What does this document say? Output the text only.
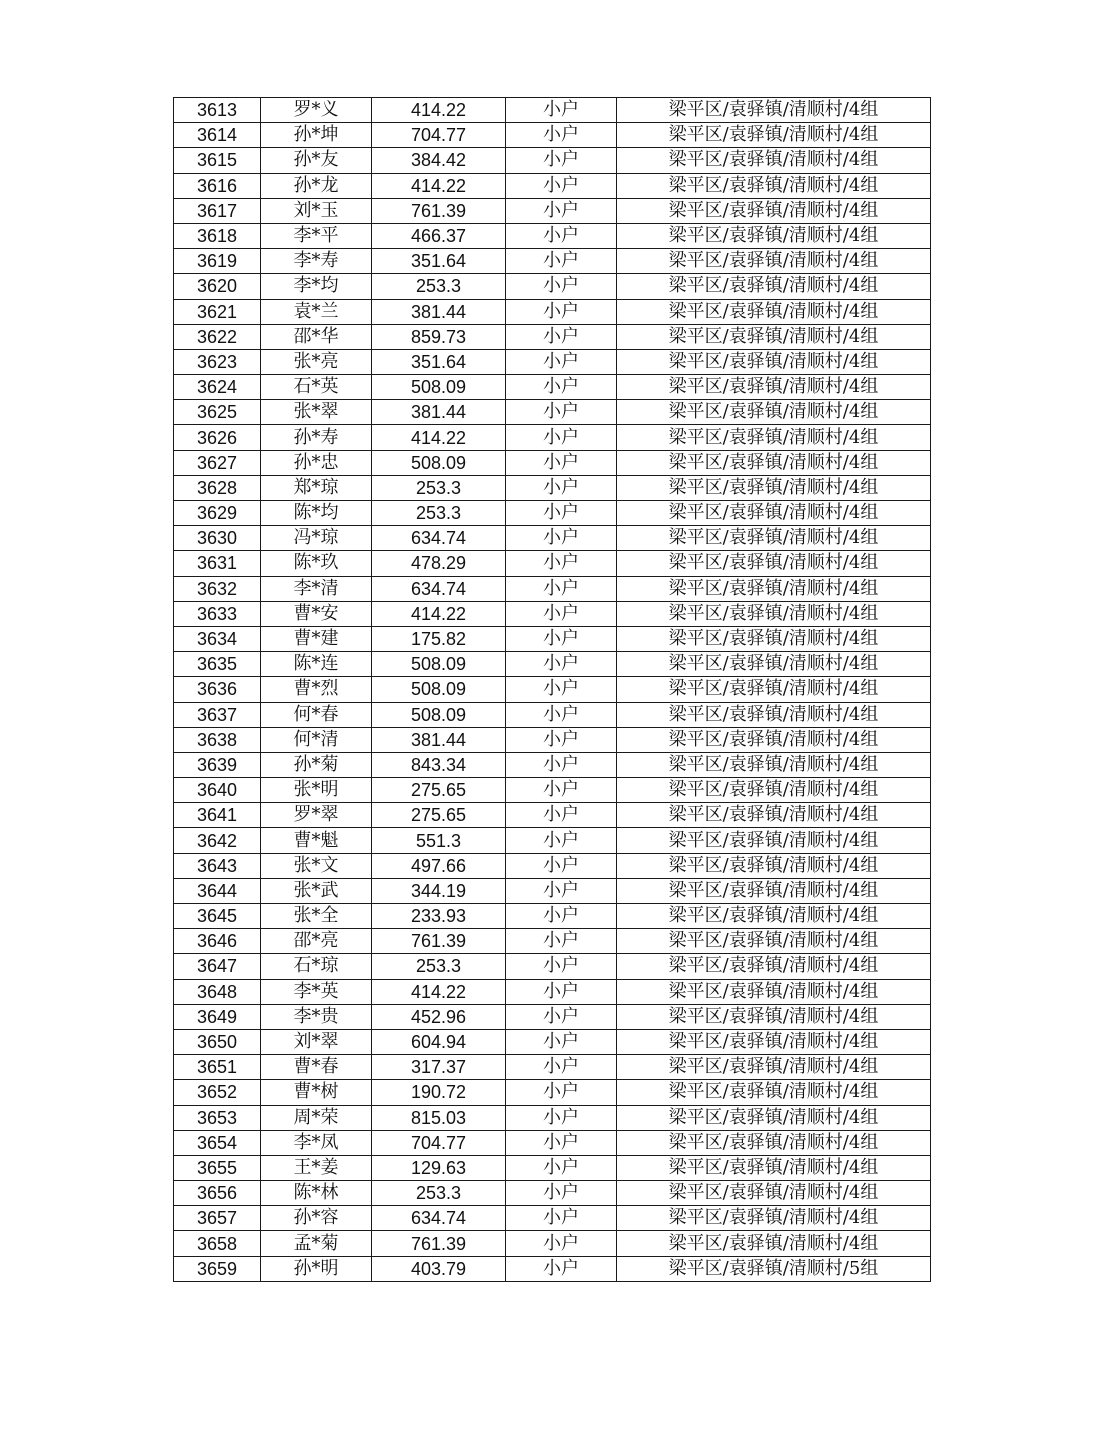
3613	罗*义	414.22	小户	梁平区/袁驿镇/清顺村/4组
3614	孙*坤	704.77	小户	梁平区/袁驿镇/清顺村/4组
3615	孙*友	384.42	小户	梁平区/袁驿镇/清顺村/4组
3616	孙*龙	414.22	小户	梁平区/袁驿镇/清顺村/4组
3617	刘*玉	761.39	小户	梁平区/袁驿镇/清顺村/4组
3618	李*平	466.37	小户	梁平区/袁驿镇/清顺村/4组
3619	李*寿	351.64	小户	梁平区/袁驿镇/清顺村/4组
3620	李*均	253.3	小户	梁平区/袁驿镇/清顺村/4组
3621	袁*兰	381.44	小户	梁平区/袁驿镇/清顺村/4组
3622	邵*华	859.73	小户	梁平区/袁驿镇/清顺村/4组
3623	张*亮	351.64	小户	梁平区/袁驿镇/清顺村/4组
3624	石*英	508.09	小户	梁平区/袁驿镇/清顺村/4组
3625	张*翠	381.44	小户	梁平区/袁驿镇/清顺村/4组
3626	孙*寿	414.22	小户	梁平区/袁驿镇/清顺村/4组
3627	孙*忠	508.09	小户	梁平区/袁驿镇/清顺村/4组
3628	郑*琼	253.3	小户	梁平区/袁驿镇/清顺村/4组
3629	陈*均	253.3	小户	梁平区/袁驿镇/清顺村/4组
3630	冯*琼	634.74	小户	梁平区/袁驿镇/清顺村/4组
3631	陈*玖	478.29	小户	梁平区/袁驿镇/清顺村/4组
3632	李*清	634.74	小户	梁平区/袁驿镇/清顺村/4组
3633	曹*安	414.22	小户	梁平区/袁驿镇/清顺村/4组
3634	曹*建	175.82	小户	梁平区/袁驿镇/清顺村/4组
3635	陈*连	508.09	小户	梁平区/袁驿镇/清顺村/4组
3636	曹*烈	508.09	小户	梁平区/袁驿镇/清顺村/4组
3637	何*春	508.09	小户	梁平区/袁驿镇/清顺村/4组
3638	何*清	381.44	小户	梁平区/袁驿镇/清顺村/4组
3639	孙*菊	843.34	小户	梁平区/袁驿镇/清顺村/4组
3640	张*明	275.65	小户	梁平区/袁驿镇/清顺村/4组
3641	罗*翠	275.65	小户	梁平区/袁驿镇/清顺村/4组
3642	曹*魁	551.3	小户	梁平区/袁驿镇/清顺村/4组
3643	张*文	497.66	小户	梁平区/袁驿镇/清顺村/4组
3644	张*武	344.19	小户	梁平区/袁驿镇/清顺村/4组
3645	张*全	233.93	小户	梁平区/袁驿镇/清顺村/4组
3646	邵*亮	761.39	小户	梁平区/袁驿镇/清顺村/4组
3647	石*琼	253.3	小户	梁平区/袁驿镇/清顺村/4组
3648	李*英	414.22	小户	梁平区/袁驿镇/清顺村/4组
3649	李*贵	452.96	小户	梁平区/袁驿镇/清顺村/4组
3650	刘*翠	604.94	小户	梁平区/袁驿镇/清顺村/4组
3651	曹*春	317.37	小户	梁平区/袁驿镇/清顺村/4组
3652	曹*树	190.72	小户	梁平区/袁驿镇/清顺村/4组
3653	周*荣	815.03	小户	梁平区/袁驿镇/清顺村/4组
3654	李*凤	704.77	小户	梁平区/袁驿镇/清顺村/4组
3655	王*姜	129.63	小户	梁平区/袁驿镇/清顺村/4组
3656	陈*林	253.3	小户	梁平区/袁驿镇/清顺村/4组
3657	孙*容	634.74	小户	梁平区/袁驿镇/清顺村/4组
3658	孟*菊	761.39	小户	梁平区/袁驿镇/清顺村/4组
3659	孙*明	403.79	小户	梁平区/袁驿镇/清顺村/5组
